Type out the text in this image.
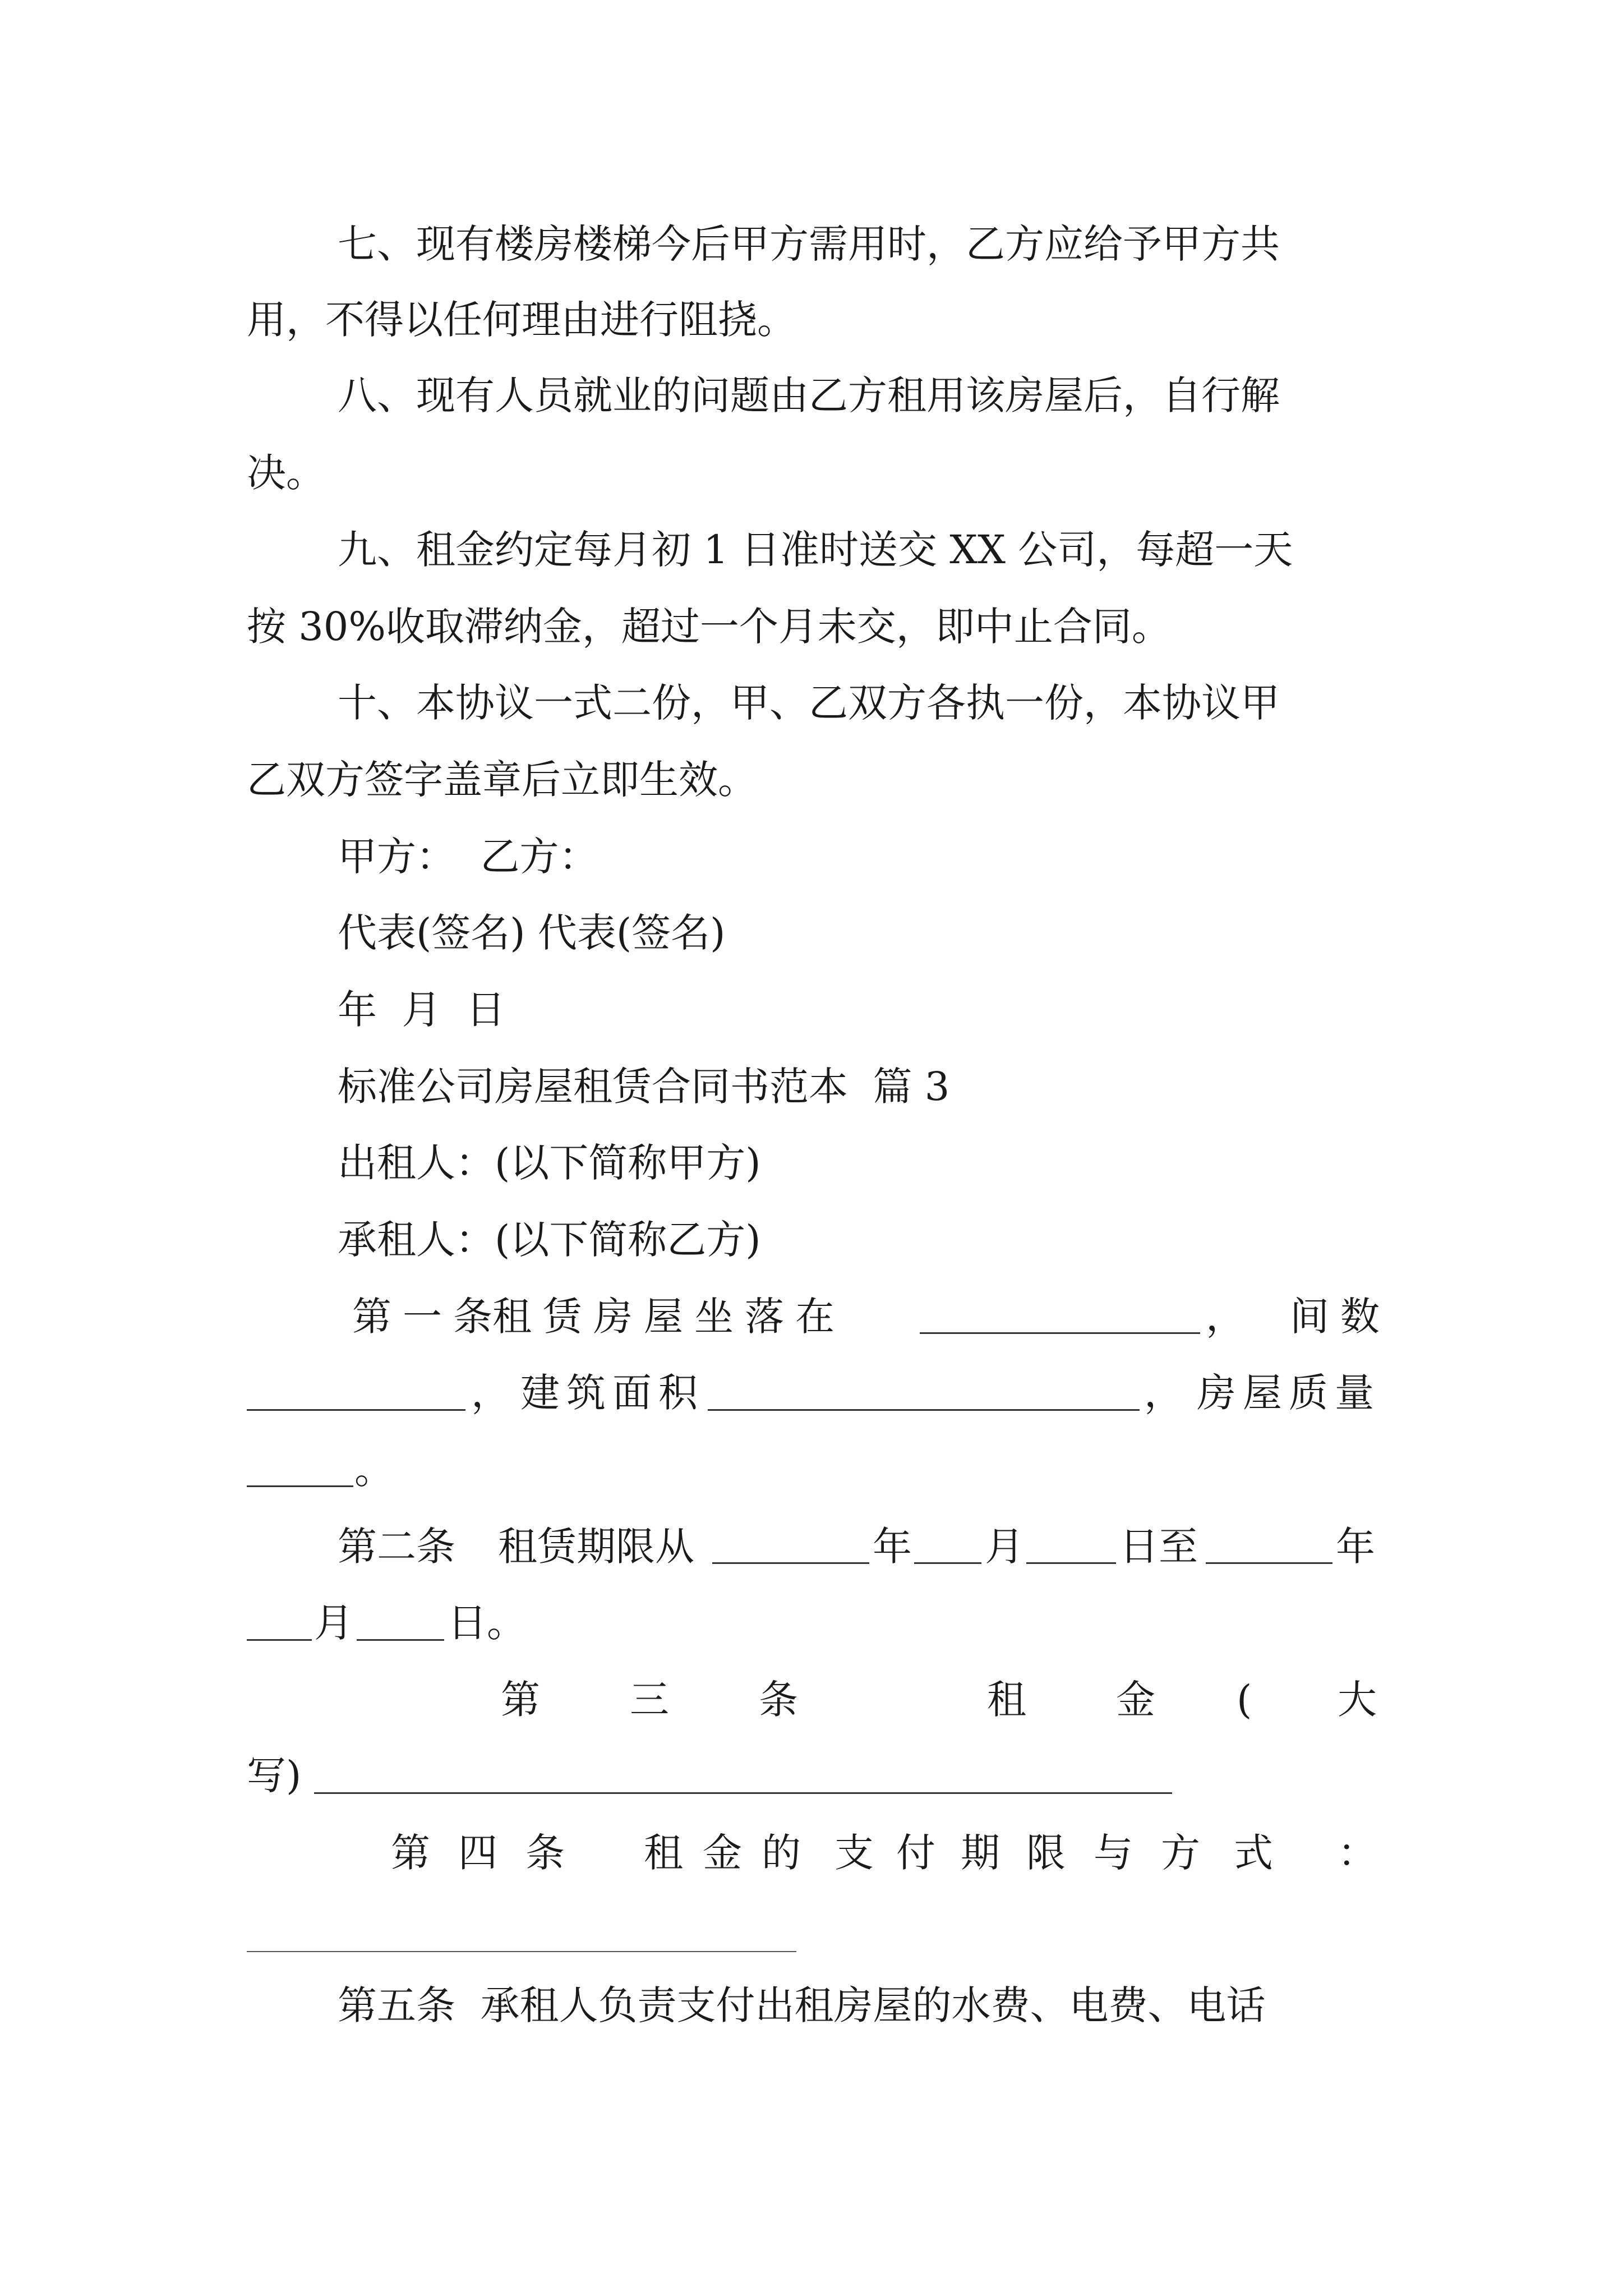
七、现有楼房楼梯今后甲方需用时，乙方应给予甲方共
用，不得以任何理由进行阻挠。
八、现有人员就业的问题由乙方租用该房屋后，自行解
决。
九、租金约定每月初 1 日准时送交 XX 公司，每超一天
按 30%收取滞纳金，超过一个月未交，即中止合同。
十、本协议一式二份，甲、乙双方各执一份，本协议甲
乙双方签字盖章后立即生效。
甲方：  乙方：
代表(签名) 代表(签名)
年  月  日
标准公司房屋租赁合同书范本  篇 3
出租人：(以下简称甲方)
承租人：(以下简称乙方)
第一条
租赁房屋坐落在	， 间数
， 建筑面积	， 房屋质量
。
第二条 租赁期限从	年 月 日至	年
月 日。
第 三 条	租 金 ( 大
写)
第 四 条 租 金 的 支 付 期 限 与 方 式 ：
第五条  承租人负责支付出租房屋的水费、电费、电话
